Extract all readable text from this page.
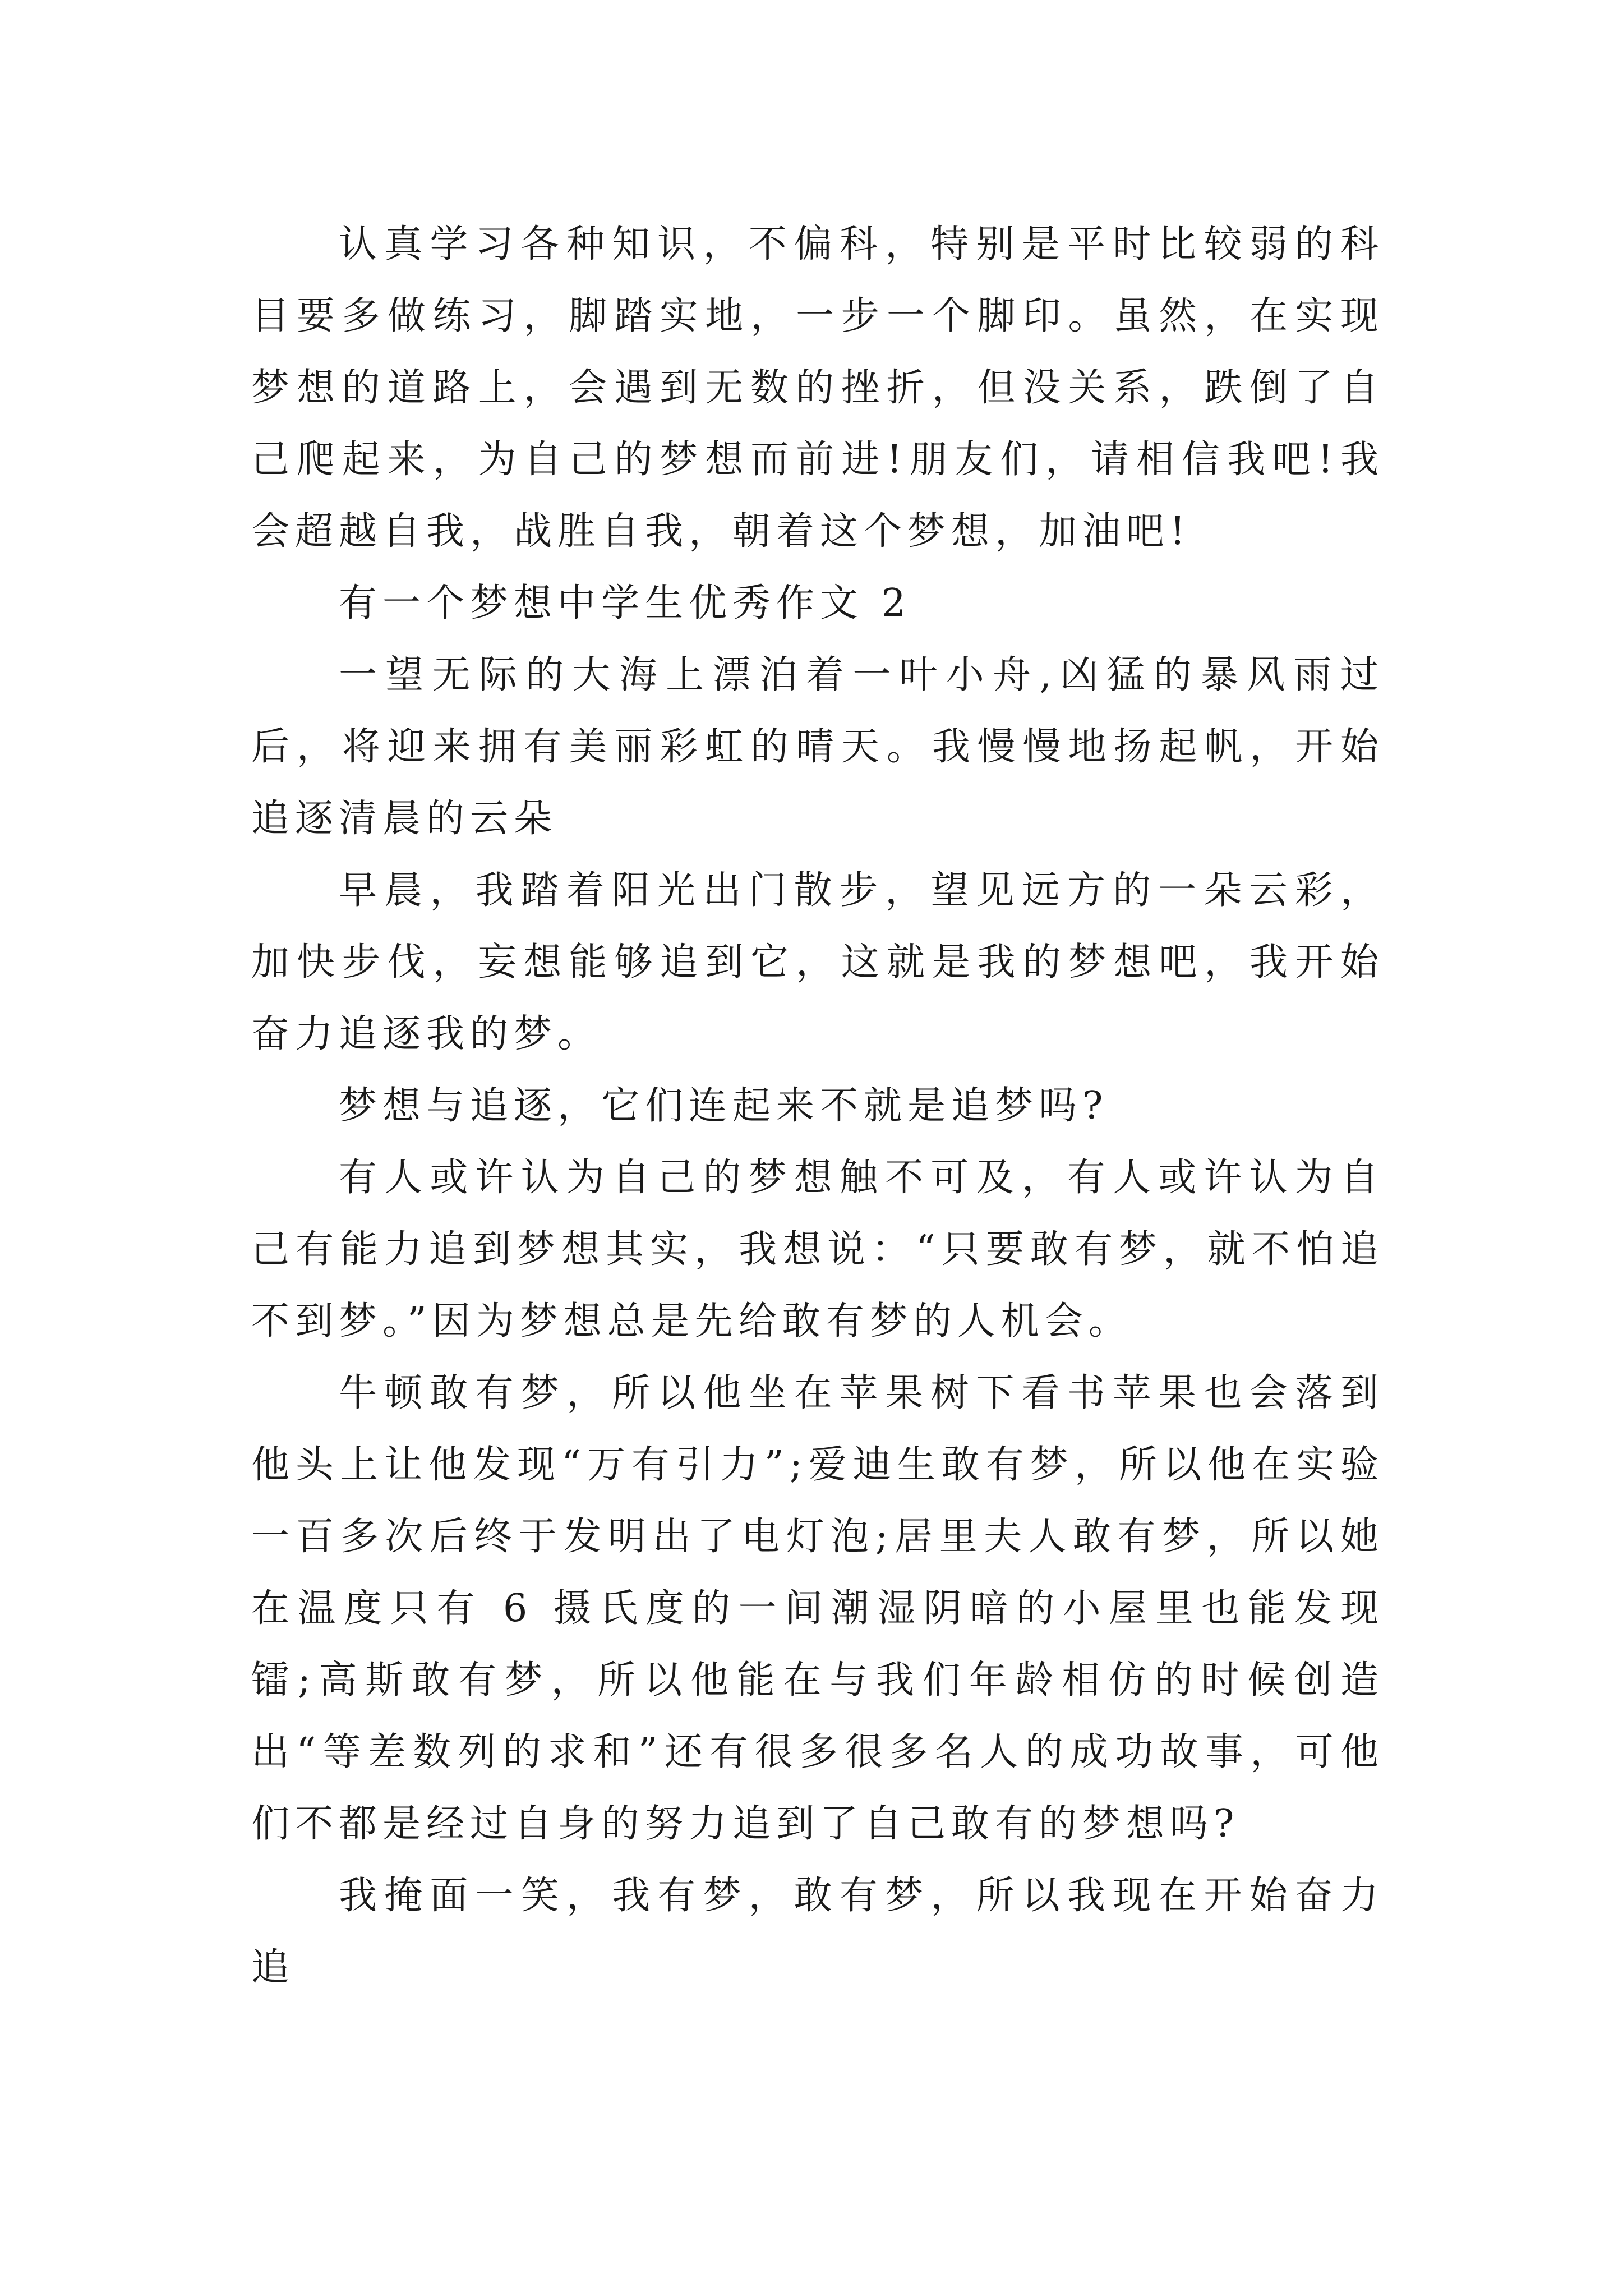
认真学习各种知识，不偏科，特别是平时比较弱的科目要多做练习，脚踏实地，一步一个脚印。虽然，在实现梦想的道路上，会遇到无数的挫折，但没关系，跌倒了自己爬起来，为自己的梦想而前进!朋友们，请相信我吧!我会超越自我，战胜自我，朝着这个梦想，加油吧!

有一个梦想中学生优秀作文 2

一望无际的大海上漂泊着一叶小舟,凶猛的暴风雨过后，将迎来拥有美丽彩虹的晴天。我慢慢地扬起帆，开始追逐清晨的云朵

早晨，我踏着阳光出门散步，望见远方的一朵云彩，加快步伐，妄想能够追到它，这就是我的梦想吧，我开始奋力追逐我的梦。

梦想与追逐，它们连起来不就是追梦吗?

有人或许认为自己的梦想触不可及，有人或许认为自己有能力追到梦想其实，我想说：“只要敢有梦，就不怕追不到梦。”因为梦想总是先给敢有梦的人机会。

牛顿敢有梦，所以他坐在苹果树下看书苹果也会落到他头上让他发现“万有引力”;爱迪生敢有梦，所以他在实验一百多次后终于发明出了电灯泡;居里夫人敢有梦，所以她在温度只有 6 摄氏度的一间潮湿阴暗的小屋里也能发现镭;高斯敢有梦，所以他能在与我们年龄相仿的时候创造出“等差数列的求和”还有很多很多名人的成功故事，可他们不都是经过自身的努力追到了自己敢有的梦想吗?

我掩面一笑，我有梦，敢有梦，所以我现在开始奋力追
